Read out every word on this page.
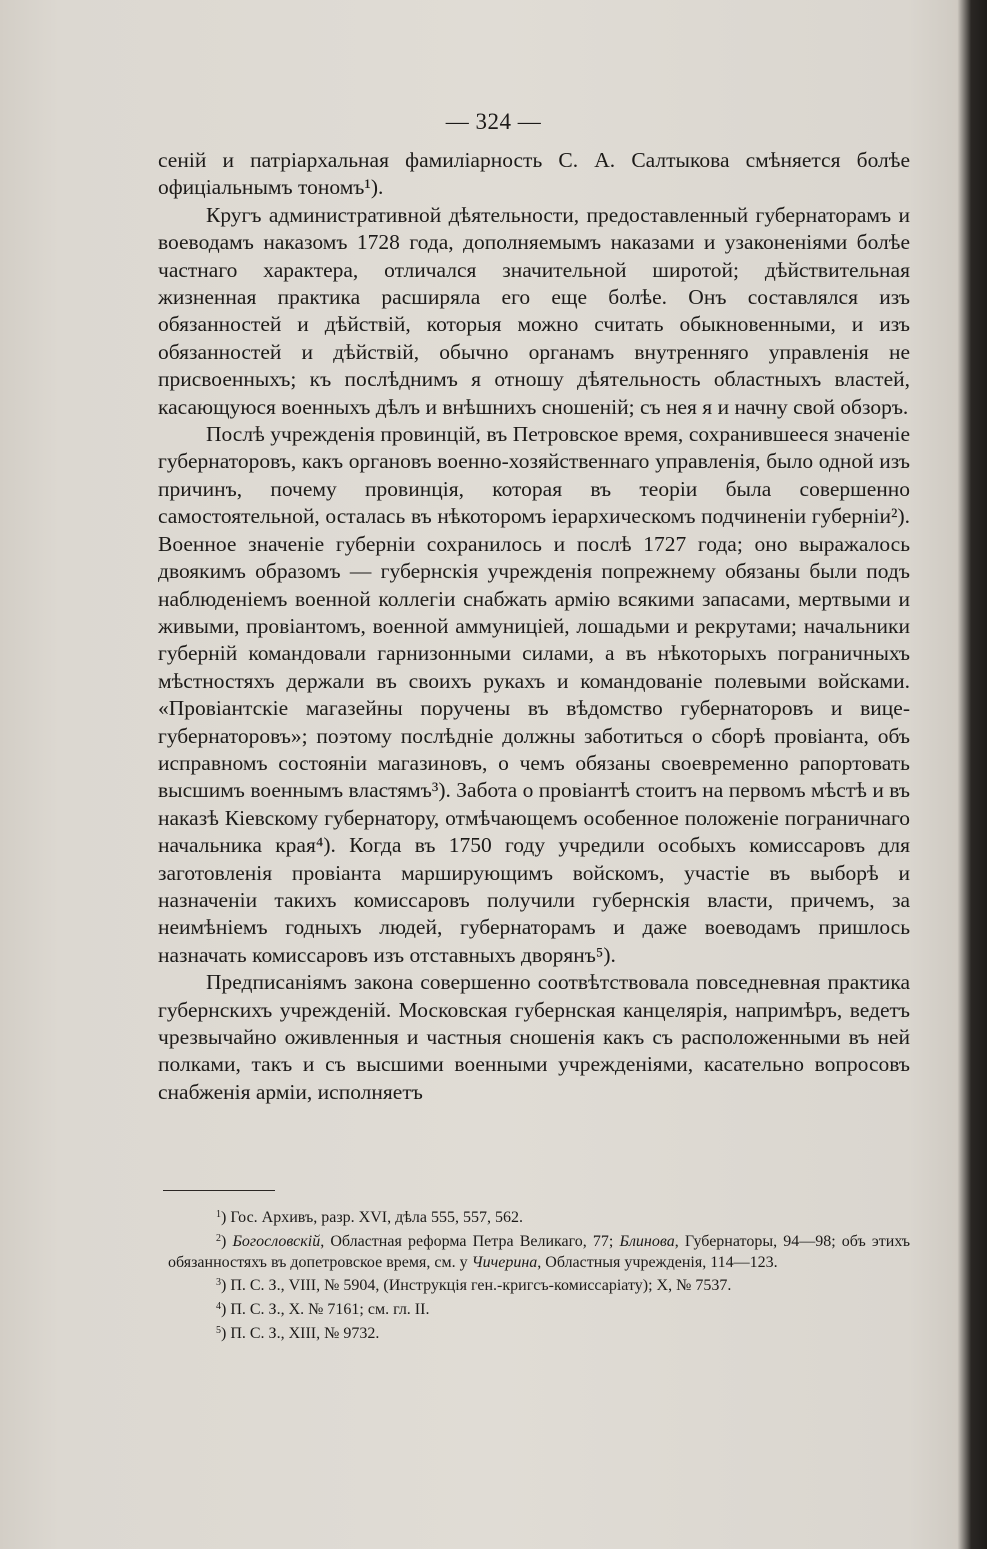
— 324 —

сеній и патріархальная фамиліарность С. А. Салтыкова смѣняется болѣе офиціальнымъ тономъ¹).

Кругъ административной дѣятельности, предоставленный губернаторамъ и воеводамъ наказомъ 1728 года, дополняемымъ наказами и узаконеніями болѣе частнаго характера, отличался значительной широтой; дѣйствительная жизненная практика расширяла его еще болѣе. Онъ составлялся изъ обязанностей и дѣйствій, которыя можно считать обыкновенными, и изъ обязанностей и дѣйствій, обычно органамъ внутренняго управленія не присвоенныхъ; къ послѣднимъ я отношу дѣятельность областныхъ властей, касающуюся военныхъ дѣлъ и внѣшнихъ сношеній; съ нея я и начну свой обзоръ.

Послѣ учрежденія провинцій, въ Петровское время, сохранившееся значеніе губернаторовъ, какъ органовъ военно-хозяйственнаго управленія, было одной изъ причинъ, почему провинція, которая въ теоріи была совершенно самостоятельной, осталась въ нѣкоторомъ іерархическомъ подчиненіи губерніи²). Военное значеніе губерніи сохранилось и послѣ 1727 года; оно выражалось двоякимъ образомъ — губернскія учрежденія попрежнему обязаны были подъ наблюденіемъ военной коллегіи снабжать армію всякими запасами, мертвыми и живыми, провіантомъ, военной аммуниціей, лошадьми и рекрутами; начальники губерній командовали гарнизонными силами, а въ нѣкоторыхъ пограничныхъ мѣстностяхъ держали въ своихъ рукахъ и командованіе полевыми войсками. «Провіантскіе магазейны поручены въ вѣдомство губернаторовъ и вице-губернаторовъ»; поэтому послѣдніе должны заботиться о сборѣ провіанта, объ исправномъ состояніи магазиновъ, о чемъ обязаны своевременно рапортовать высшимъ военнымъ властямъ³). Забота о провіантѣ стоитъ на первомъ мѣстѣ и въ наказѣ Кіевскому губернатору, отмѣчающемъ особенное положеніе пограничнаго начальника края⁴). Когда въ 1750 году учредили особыхъ комиссаровъ для заготовленія провіанта марширующимъ войскомъ, участіе въ выборѣ и назначеніи такихъ комиссаровъ получили губернскія власти, причемъ, за неимѣніемъ годныхъ людей, губернаторамъ и даже воеводамъ пришлось назначать комиссаровъ изъ отставныхъ дворянъ⁵).

Предписаніямъ закона совершенно соотвѣтствовала повседневная практика губернскихъ учрежденій. Московская губернская канцелярія, напримѣръ, ведетъ чрезвычайно оживленныя и частныя сношенія какъ съ расположенными въ ней полками, такъ и съ высшими военными учрежденіями, касательно вопросовъ снабженія арміи, исполняетъ

$^1$) Гос. Архивъ, разр. XVI, дѣла 555, 557, 562.

$^2$) Богословскій, Областная реформа Петра Великаго, 77; Блинова, Губернаторы, 94—98; объ этихъ обязанностяхъ въ допетровское время, см. у Чичерина, Областныя учрежденія, 114—123.

$^3$) П. С. З., VIII, № 5904, (Инструкція ген.-кригсъ-комиссаріату); X, № 7537.

$^4$) П. С. З., X. № 7161; см. гл. II.

$^5$) П. С. З., XIII, № 9732.
